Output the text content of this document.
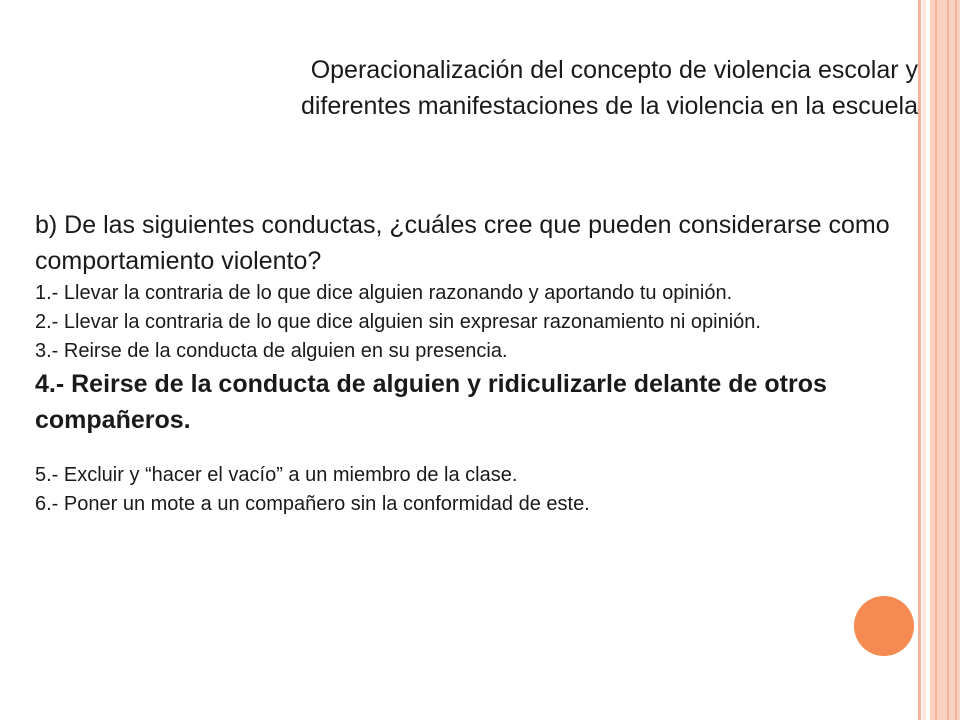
Operacionalización del concepto de violencia escolar y
diferentes manifestaciones de la violencia en la escuela

b) De las siguientes conductas, ¿cuáles cree que pueden considerarse como comportamiento violento?

1.- Llevar la contraria de lo que dice alguien razonando y aportando tu opinión.

2.- Llevar la contraria de lo que dice alguien sin expresar razonamiento ni opinión.

3.- Reirse de la conducta de alguien en su presencia.

4.- Reirse de la conducta de alguien y ridiculizarle delante de otros compañeros.

5.- Excluir y “hacer el vacío” a un miembro de la clase.

6.- Poner un mote a un compañero sin la conformidad de este.
